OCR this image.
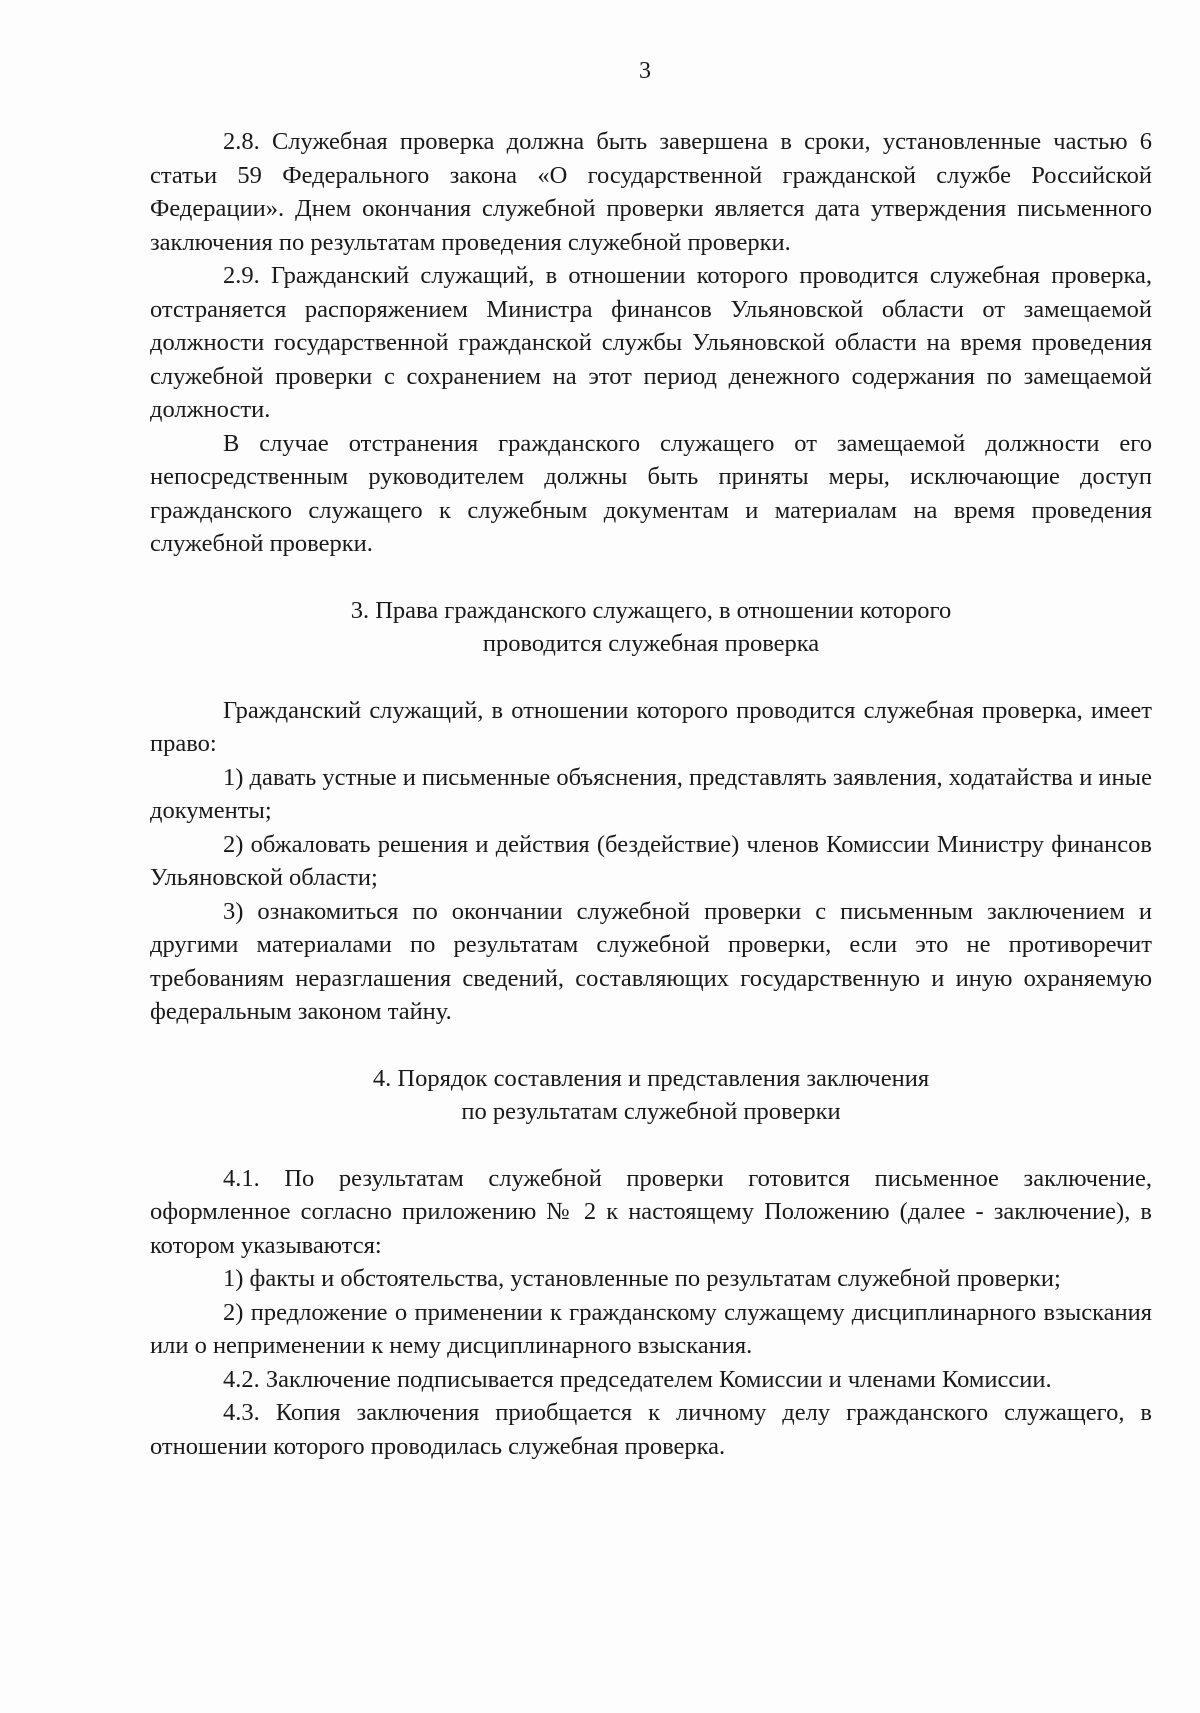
3

2.8. Служебная проверка должна быть завершена в сроки, установленные частью 6 статьи 59 Федерального закона «О государственной гражданской службе Российской Федерации». Днем окончания служебной проверки является дата утверждения письменного заключения по результатам проведения служебной проверки.

2.9. Гражданский служащий, в отношении которого проводится служебная проверка, отстраняется распоряжением Министра финансов Ульяновской области от замещаемой должности государственной гражданской службы Ульяновской области на время проведения служебной проверки с сохранением на этот период денежного содержания по замещаемой должности.

В случае отстранения гражданского служащего от замещаемой должности его непосредственным руководителем должны быть приняты меры, исключающие доступ гражданского служащего к служебным документам и материалам на время проведения служебной проверки.

3. Права гражданского служащего, в отношении которого
проводится служебная проверка

Гражданский служащий, в отношении которого проводится служебная проверка, имеет право:

1) давать устные и письменные объяснения, представлять заявления, ходатайства и иные документы;

2) обжаловать решения и действия (бездействие) членов Комиссии Министру финансов Ульяновской области;

3) ознакомиться по окончании служебной проверки с письменным заключением и другими материалами по результатам служебной проверки, если это не противоречит требованиям неразглашения сведений, составляющих государственную и иную охраняемую федеральным законом тайну.

4. Порядок составления и представления заключения
по результатам служебной проверки

4.1. По результатам служебной проверки готовится письменное заключение, оформленное согласно приложению № 2 к настоящему Положению (далее - заключение), в котором указываются:

1) факты и обстоятельства, установленные по результатам служебной проверки;

2) предложение о применении к гражданскому служащему дисциплинарного взыскания или о неприменении к нему дисциплинарного взыскания.

4.2. Заключение подписывается председателем Комиссии и членами Комиссии.

4.3. Копия заключения приобщается к личному делу гражданского служащего, в отношении которого проводилась служебная проверка.
